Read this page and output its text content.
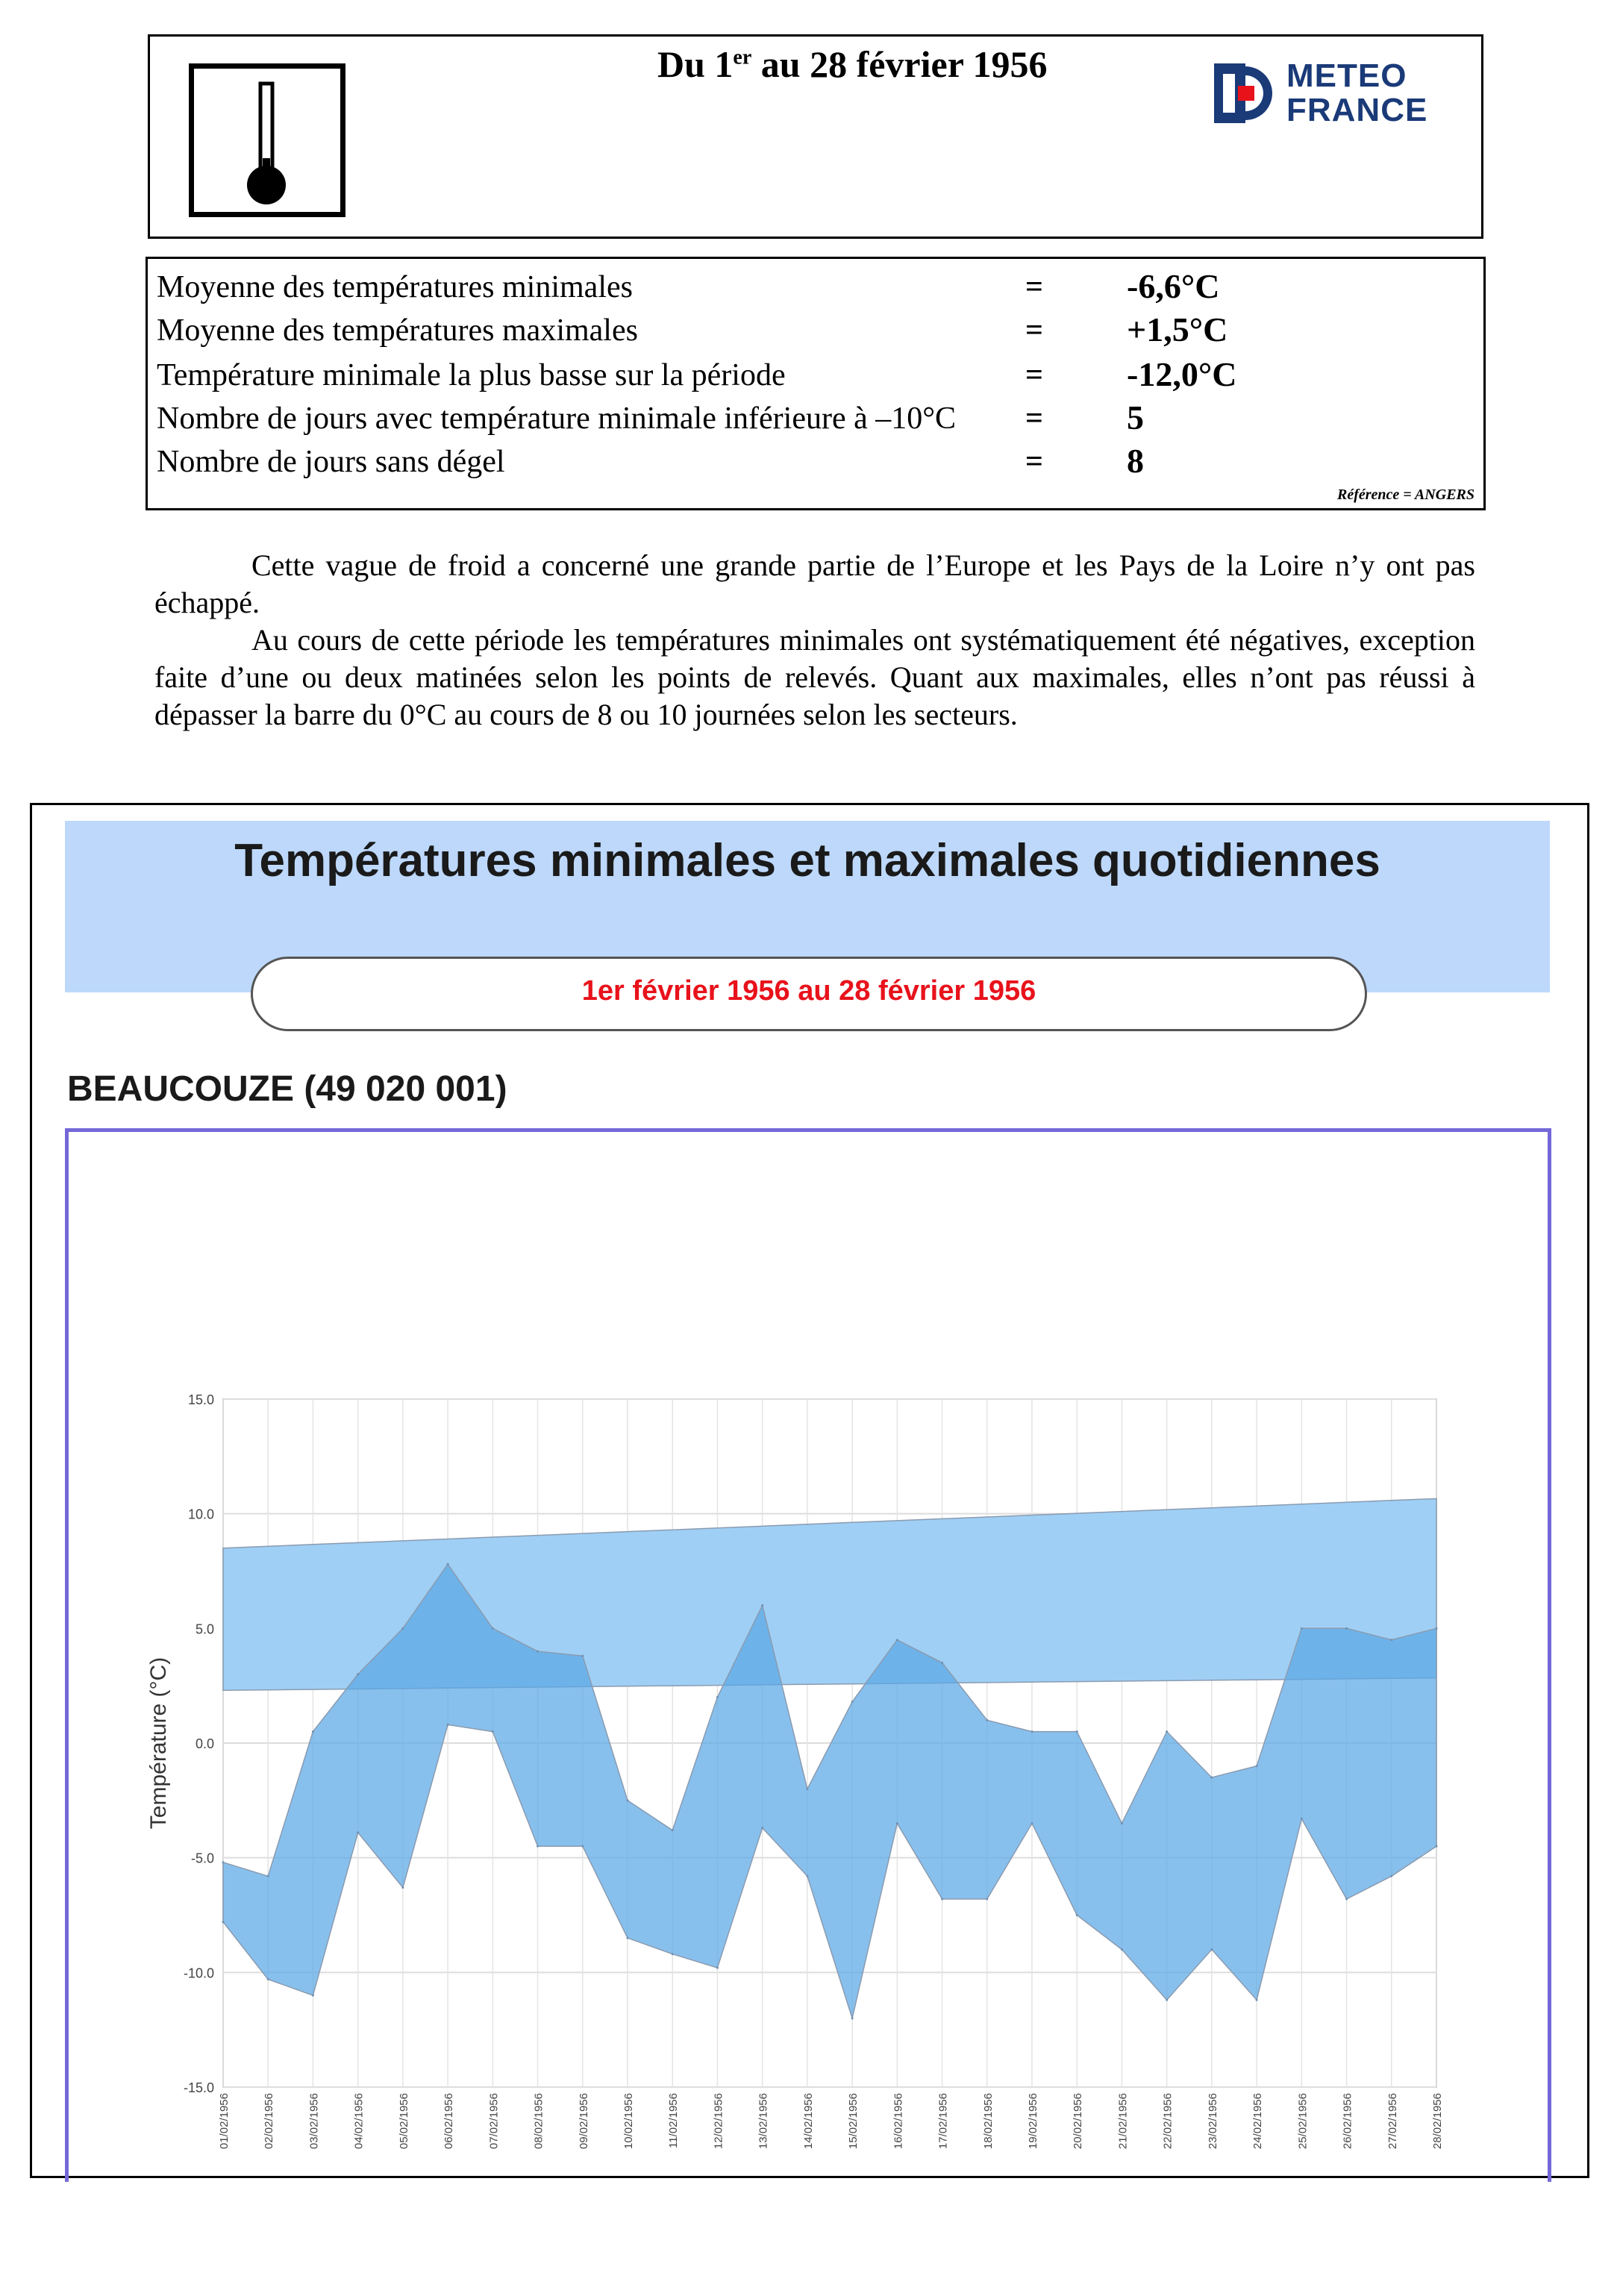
Du 1er au 28 février 1956	METEO
FRANCE
Moyenne des températures minimales	= -6,6°C
Moyenne des températures maximales	= +1,5°C
Température minimale la plus basse sur la période	= -12,0°C
Nombre de jours avec température minimale inférieure à –10°C = 5
Nombre de jours sans dégel	= 8
Référence = ANGERS

Cette vague de froid a concerné une grande partie de l’Europe et les Pays de la Loire n’y ont pas échappé.

Au cours de cette période les températures minimales ont systématiquement été négatives, exception faite d’une ou deux matinées selon les points de relevés. Quant aux maximales, elles n’ont pas réussi à dépasser la barre du 0°C au cours de 8 ou 10 journées selon les secteurs.

Températures minimales et maximales quotidiennes
1er février 1956 au 28 février 1956
BEAUCOUZE (49 020 001)
15.0
10.0
5.0
0.0
-5.0
-10.0
-15.0
Température (°C)
01/02/1956	02/02/1956	03/02/1956	04/02/1956	05/02/1956	06/02/1956	07/02/1956	08/02/1956	09/02/1956	10/02/1956	11/02/1956	12/02/1956	13/02/1956	14/02/1956	15/02/1956	16/02/1956	17/02/1956	18/02/1956	19/02/1956	20/02/1956	21/02/1956	22/02/1956	23/02/1956	24/02/1956	25/02/1956	26/02/1956	27/02/1956	28/02/1956
